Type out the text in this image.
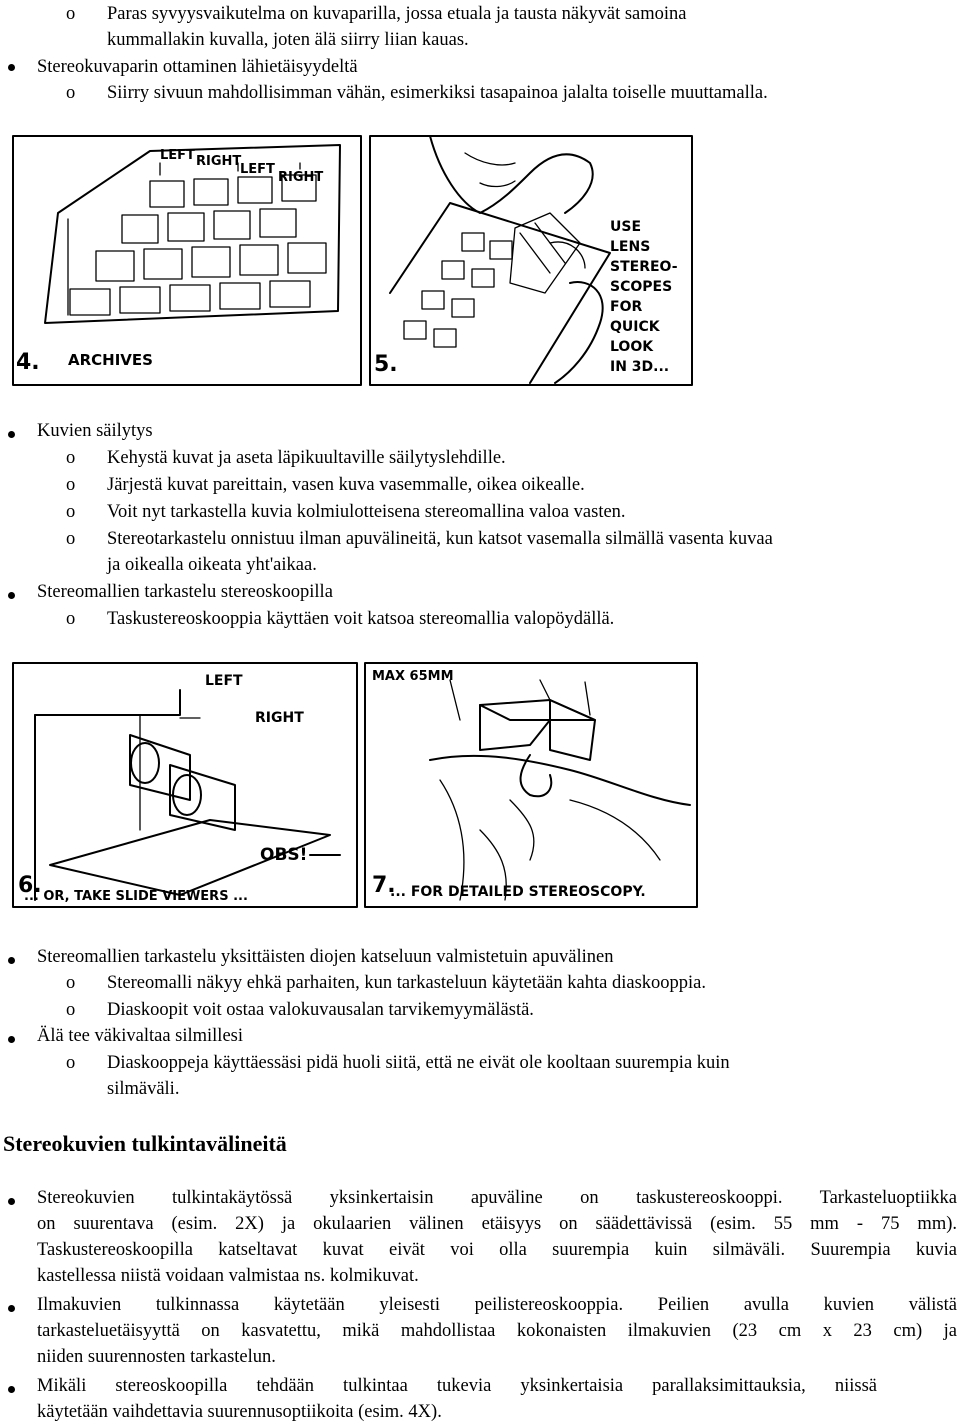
o Paras syvyysvaikutelma on kuvaparilla, jossa etuala ja tausta näkyvät samoina
kummallakin kuvalla, joten älä siirry liian kauas.
Stereokuvaparin ottaminen lähietäisyydeltä
o Siirry sivuun mahdollisimman vähän, esimerkiksi tasapainoa jalalta toiselle muuttamalla.
LEFT RIGHT
LEFT
RIGHT
4. ARCHIVES	5.
USE
LENS
STEREO-
SCOPES
FOR
QUICK
LOOK
IN 3D...
Kuvien säilytys
o Kehystä kuvat ja aseta läpikuultaville säilytyslehdille.
o Järjestä kuvat pareittain, vasen kuva vasemmalle, oikea oikealle.
o Voit nyt tarkastella kuvia kolmiulotteisena stereomallina valoa vasten.
o Stereotarkastelu onnistuu ilman apuvälineitä, kun katsot vasemalla silmällä vasenta kuvaa
ja oikealla oikeata yht'aikaa.
Stereomallien tarkastelu stereoskoopilla
o Taskustereoskooppia käyttäen voit katsoa stereomallia valopöydällä.
LEFT
RIGHT
OBS!
6.
... OR, TAKE SLIDE VIEWERS ...
MAX 65MM
7.
... FOR DETAILED STEREOSCOPY.
Stereomallien tarkastelu yksittäisten diojen katseluun valmistetuin apuvälinen
o Stereomalli näkyy ehkä parhaiten, kun tarkasteluun käytetään kahta diaskooppia.
o Diaskoopit voit ostaa valokuvausalan tarvikemyymälästä.
Älä tee väkivaltaa silmillesi
o Diaskooppeja käyttäessäsi pidä huoli siitä, että ne eivät ole kooltaan suurempia kuin
silmäväli.
Stereokuvien tulkintavälineitä
Stereokuvien tulkintakäytössä yksinkertaisin apuväline on taskustereoskooppi. Tarkasteluoptiikka
on suurentava (esim. 2X) ja okulaarien välinen etäisyys on säädettävissä (esim. 55 mm - 75 mm).
Taskustereoskoopilla katseltavat kuvat eivät voi olla suurempia kuin silmäväli. Suurempia kuvia
kastellessa niistä voidaan valmistaa ns. kolmikuvat.
Ilmakuvien tulkinnassa käytetään yleisesti peilistereoskooppia. Peilien avulla kuvien välistä
tarkasteluetäisyyttä on kasvatettu, mikä mahdollistaa kokonaisten ilmakuvien (23 cm x 23 cm) ja
niiden suurennosten tarkastelun.
Mikäli stereoskoopilla tehdään tulkintaa tukevia yksinkertaisia parallaksimittauksia, niissä
käytetään vaihdettavia suurennusoptiikoita (esim. 4X).
